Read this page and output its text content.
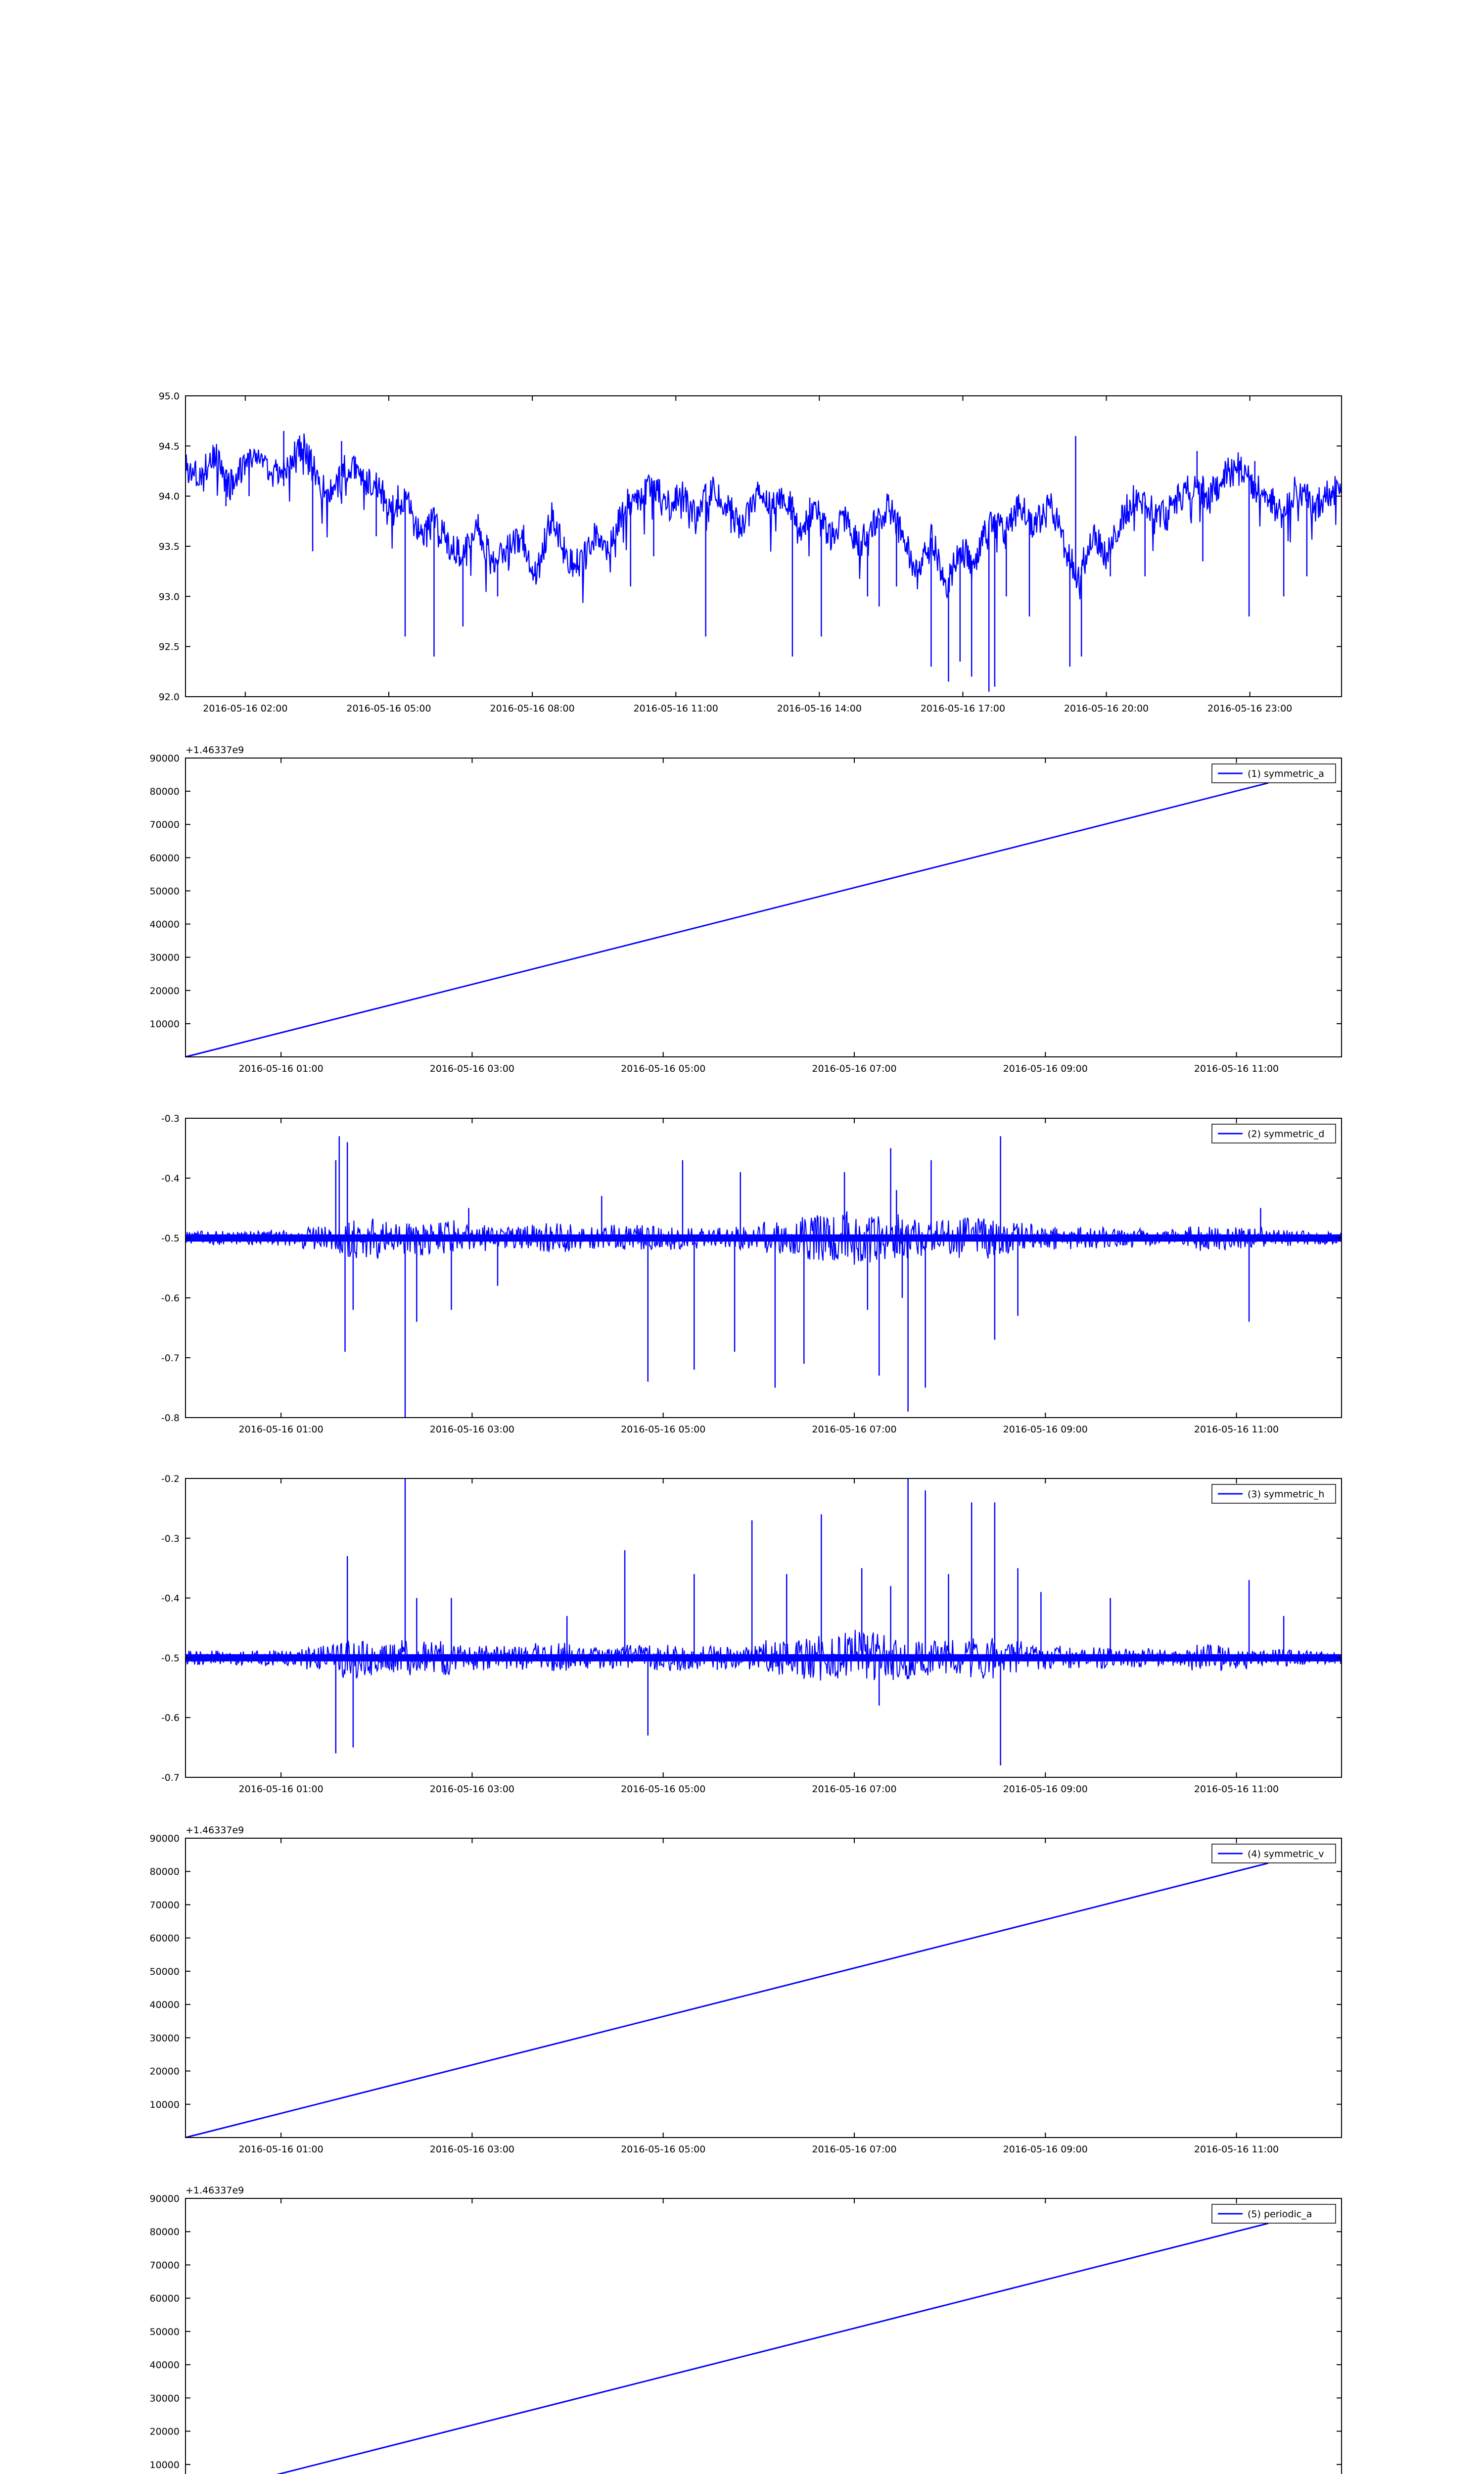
2016-05-16 02:00	2016-05-16 05:00	2016-05-16 08:00	2016-05-16 11:00	2016-05-16 14:00	2016-05-16 17:00	2016-05-16 20:00	2016-05-16 23:00
92.0
92.5
93.0
93.5
94.0
94.5
95.0
2016-05-16 01:00	2016-05-16 03:00	2016-05-16 05:00	2016-05-16 07:00	2016-05-16 09:00	2016-05-16 11:00
10000
20000
30000
40000
50000
60000
70000
80000
90000
+1.46337e9
(1) symmetric_a
2016-05-16 01:00	2016-05-16 03:00	2016-05-16 05:00	2016-05-16 07:00	2016-05-16 09:00	2016-05-16 11:00
-0.3
-0.4
-0.5
-0.6
-0.7
-0.8
(2) symmetric_d
2016-05-16 01:00	2016-05-16 03:00	2016-05-16 05:00	2016-05-16 07:00	2016-05-16 09:00	2016-05-16 11:00
-0.2
-0.3
-0.4
-0.5
-0.6
-0.7
(3) symmetric_h
2016-05-16 01:00	2016-05-16 03:00	2016-05-16 05:00	2016-05-16 07:00	2016-05-16 09:00	2016-05-16 11:00
10000
20000
30000
40000
50000
60000
70000
80000
90000
+1.46337e9
(4) symmetric_v
10000
20000
30000
40000
50000
60000
70000
80000
90000
+1.46337e9
(5) periodic_a
